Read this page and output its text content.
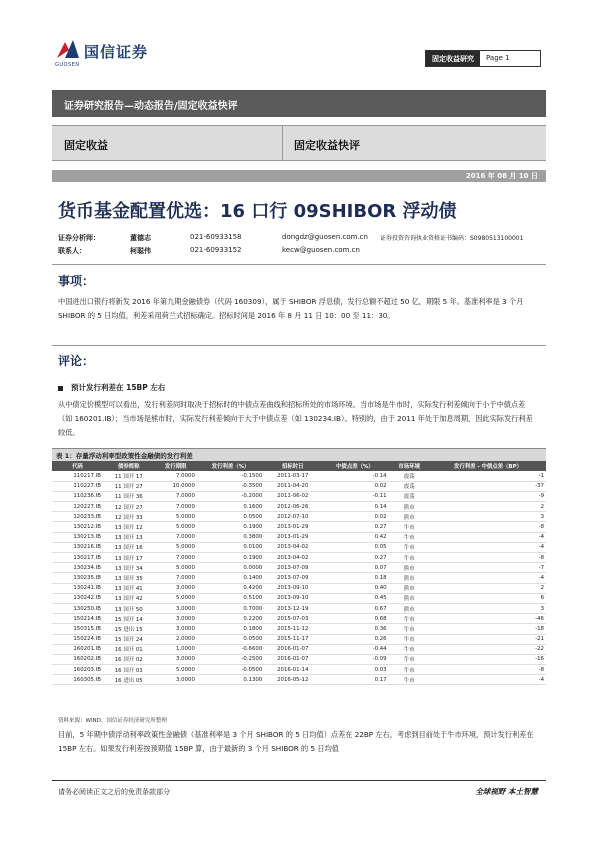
国信证券
GUOSEN
固定收益研究	Page 1
证券研究报告—动态报告/固定收益快评
固定收益	固定收益快评
2016 年 08 月 10 日
货币基金配置优选：16 口行 09SHIBOR 浮动债
证券分析师：	董德志	021-60933158	dongdz@guosen.com.cn 证券投资咨询执业资格证书编码：S0980513100001
联系人：	柯聪伟	021-60933152	kecw@guosen.com.cn
事项：
中国进出口银行将新发 2016 年第九期金融债券（代码 160309），属于 SHIBOR 浮息债，发行总额不超过 50 亿，期限 5 年。基准利率是 3 个月 SHIBOR 的 5 日均值，利差采用荷兰式招标确定。招标时间是 2016 年 8 月 11 日 10：00 至 11：30。
评论：
预计发行利差在 15BP 左右
从中债定价模型可以看出，发行利差同时取决于招标时的中债点差曲线和招标所处的市场环境。当市场是牛市时，实际发行利差倾向于小于中债点差（如 160201.IB）；当市场是熊市时，实际发行利差倾向于大于中债点差（如 130234.IB）。特别的，由于 2011 年处于加息周期，因此实际发行利差较低。
表 1：存量浮动利率型政策性金融债的发行利差
代码	债券简称	发行期限	发行利差（%）	招标时日	中债点差（%）	市场环境	发行利差 - 中债点差（BP）
110217.IB	11 国开 17	7.0000	-0.1500	2011-03-17	-0.14	震荡	-1
110227.IB	11 国开 27	10.0000	-0.3500	2011-04-20	0.02	震荡	-37
110236.IB	11 国开 36	7.0000	-0.2000	2011-06-02	-0.11	震荡	-9
120227.IB	12 国开 27	7.0000	0.1600	2012-06-26	0.14	熊市	2
120233.IB	12 国开 33	5.0000	0.0500	2012-07-10	0.02	熊市	3
130212.IB	13 国开 12	5.0000	0.1900	2013-01-29	0.27	牛市	-8
130213.IB	13 国开 13	7.0000	0.3800	2013-01-29	0.42	牛市	-4
130216.IB	13 国开 16	5.0000	0.0100	2013-04-02	0.05	牛市	-4
130217.IB	13 国开 17	7.0000	0.1900	2013-04-02	0.27	牛市	-8
130234.IB	13 国开 34	5.0000	0.0000	2013-07-09	0.07	熊市	-7
130235.IB	13 国开 35	7.0000	0.1400	2013-07-09	0.18	熊市	-4
130241.IB	13 国开 41	3.0000	0.4200	2013-09-10	0.40	熊市	2
130242.IB	13 国开 42	5.0000	0.5100	2013-09-10	0.45	熊市	6
130250.IB	13 国开 50	3.0000	0.7000	2013-12-19	0.67	熊市	3
150214.IB	15 国开 14	3.0000	0.2200	2015-07-03	0.68	牛市	-46
150315.IB	15 进出 15	3.0000	0.1800	2015-11-12	0.36	牛市	-18
150224.IB	15 国开 24	2.0000	0.0500	2015-11-17	0.26	牛市	-21
160201.IB	16 国开 01	1.0000	-0.6600	2016-01-07	-0.44	牛市	-22
160202.IB	16 国开 02	3.0000	-0.2500	2016-01-07	-0.09	牛市	-16
160203.IB	16 国开 03	5.0000	-0.0500	2016-01-14	0.03	牛市	-8
160305.IB	16 进出 05	3.0000	0.1300	2016-05-12	0.17	牛市	-4
资料来源：WIND、国信证券经济研究所整理
目前，5 年期中债浮动利率政策性金融债（基准利率是 3 个月 SHIBOR 的 5 日均值）点差在 22BP 左右，考虑到目前处于牛市环境，预计发行利差在 15BP 左右。如果发行利差按预期值 15BP 算，由于最新的 3 个月 SHIBOR 的 5 日均值
请务必阅读正文之后的免责条款部分	全球视野 本土智慧
